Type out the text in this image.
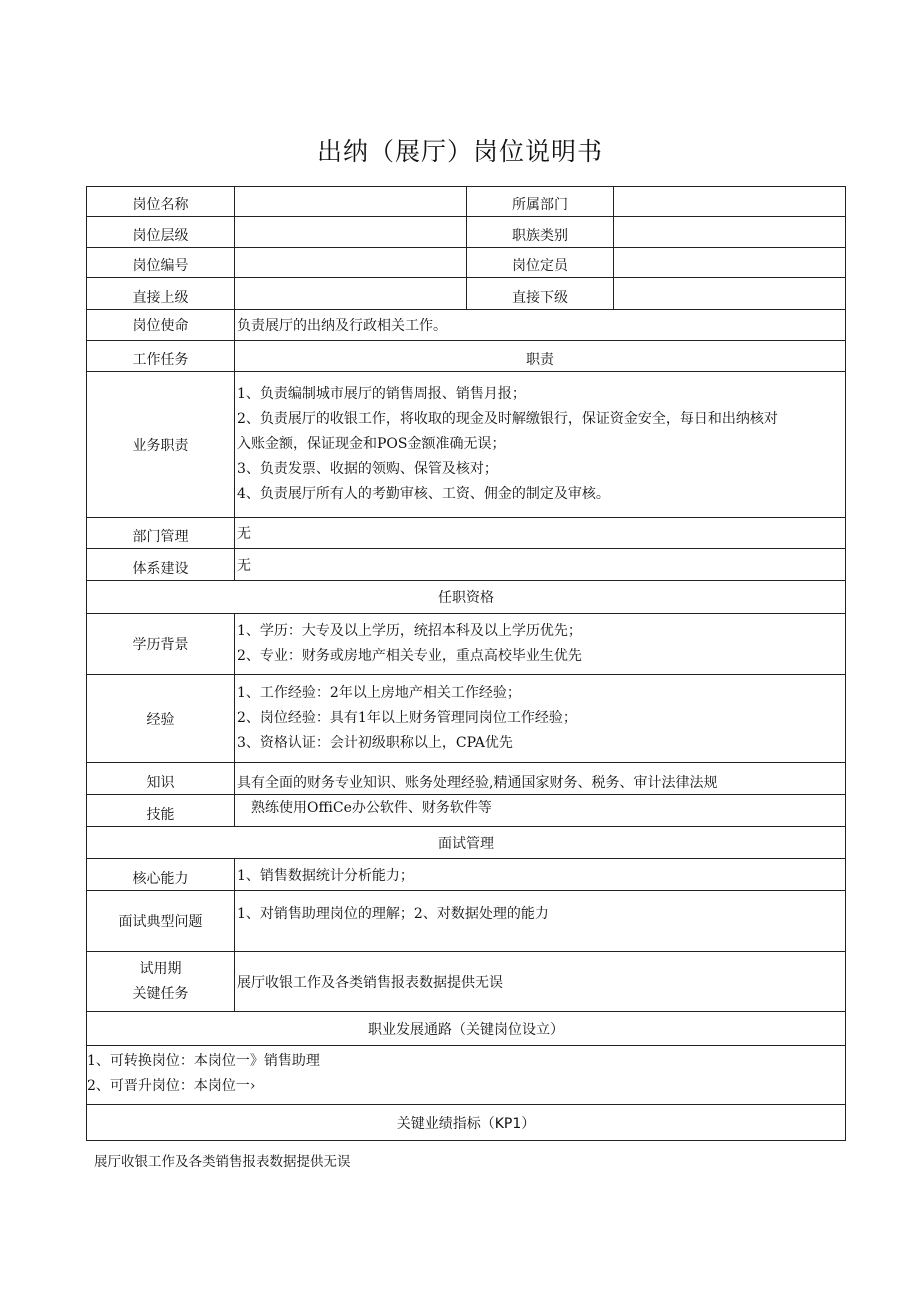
出纳（展厅）岗位说明书
岗位名称		所属部门	
岗位层级		职族类别	
岗位编号		岗位定员	
直接上级		直接下级	
岗位使命	负责展厅的出纳及行政相关工作。		
工作任务	职责		
业务职责	1、负责编制城市展厅的销售周报、销售月报；
2、负责展厅的收银工作，将收取的现金及时解缴银行，保证资金安全，每日和出纳核对
入账金额，保证现金和POS金额准确无误；
3、负责发票、收据的领购、保管及核对；
4、负责展厅所有人的考勤审核、工资、佣金的制定及审核。		

部门管理	无		
体系建设	无		
任职资格			
学历背景	1、学历：大专及以上学历，统招本科及以上学历优先；
2、专业：财务或房地产相关专业，重点高校毕业生优先		

经验	1、工作经验：2年以上房地产相关工作经验；
2、岗位经验：具有1年以上财务管理同岗位工作经验；
3、资格认证：会计初级职称以上，CPA优先		

知识	具有全面的财务专业知识、账务处理经验,精通国家财务、税务、审计法律法规		
技能	熟练使用OffiCe办公软件、财务软件等		
面试管理			
核心能力	1、销售数据统计分析能力；		
面试典型问题	1、对销售助理岗位的理解；2、对数据处理的能力		

试用期
关键任务	展厅收银工作及各类销售报表数据提供无误		
职业发展通路（关键岗位设立）			

1、可转换岗位：本岗位一》销售助理
2、可晋升岗位：本岗位一›			

关键业绩指标（KP1）			
展厅收银工作及各类销售报表数据提供无误
